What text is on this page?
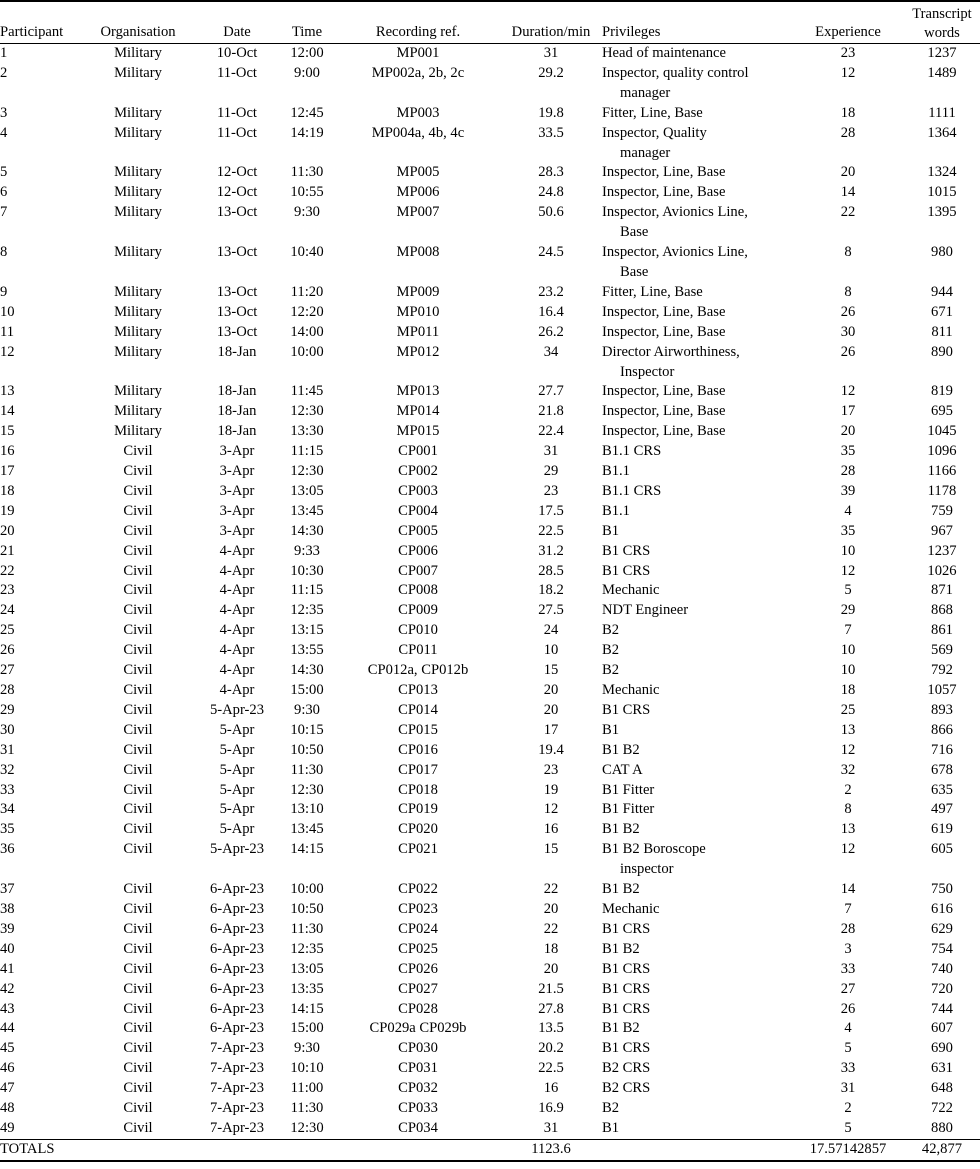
Participant	Organisation	Date	Time	Recording ref.	Duration/min	Privileges	Experience	Transcript
words
1	Military	10-Oct	12:00	MP001	31	Head of maintenance	23	1237
2	Military	11-Oct	9:00	MP002a, 2b, 2c	29.2	Inspector, quality control
manager	12	1489
3	Military	11-Oct	12:45	MP003	19.8	Fitter, Line, Base	18	1111
4	Military	11-Oct	14:19	MP004a, 4b, 4c	33.5	Inspector, Quality
manager	28	1364
5	Military	12-Oct	11:30	MP005	28.3	Inspector, Line, Base	20	1324
6	Military	12-Oct	10:55	MP006	24.8	Inspector, Line, Base	14	1015
7	Military	13-Oct	9:30	MP007	50.6	Inspector, Avionics Line,
Base	22	1395
8	Military	13-Oct	10:40	MP008	24.5	Inspector, Avionics Line,
Base	8	980
9	Military	13-Oct	11:20	MP009	23.2	Fitter, Line, Base	8	944
10	Military	13-Oct	12:20	MP010	16.4	Inspector, Line, Base	26	671
11	Military	13-Oct	14:00	MP011	26.2	Inspector, Line, Base	30	811
12	Military	18-Jan	10:00	MP012	34	Director Airworthiness,
Inspector	26	890
13	Military	18-Jan	11:45	MP013	27.7	Inspector, Line, Base	12	819
14	Military	18-Jan	12:30	MP014	21.8	Inspector, Line, Base	17	695
15	Military	18-Jan	13:30	MP015	22.4	Inspector, Line, Base	20	1045
16	Civil	3-Apr	11:15	CP001	31	B1.1 CRS	35	1096
17	Civil	3-Apr	12:30	CP002	29	B1.1	28	1166
18	Civil	3-Apr	13:05	CP003	23	B1.1 CRS	39	1178
19	Civil	3-Apr	13:45	CP004	17.5	B1.1	4	759
20	Civil	3-Apr	14:30	CP005	22.5	B1	35	967
21	Civil	4-Apr	9:33	CP006	31.2	B1 CRS	10	1237
22	Civil	4-Apr	10:30	CP007	28.5	B1 CRS	12	1026
23	Civil	4-Apr	11:15	CP008	18.2	Mechanic	5	871
24	Civil	4-Apr	12:35	CP009	27.5	NDT Engineer	29	868
25	Civil	4-Apr	13:15	CP010	24	B2	7	861
26	Civil	4-Apr	13:55	CP011	10	B2	10	569
27	Civil	4-Apr	14:30	CP012a, CP012b	15	B2	10	792
28	Civil	4-Apr	15:00	CP013	20	Mechanic	18	1057
29	Civil	5-Apr-23	9:30	CP014	20	B1 CRS	25	893
30	Civil	5-Apr	10:15	CP015	17	B1	13	866
31	Civil	5-Apr	10:50	CP016	19.4	B1 B2	12	716
32	Civil	5-Apr	11:30	CP017	23	CAT A	32	678
33	Civil	5-Apr	12:30	CP018	19	B1 Fitter	2	635
34	Civil	5-Apr	13:10	CP019	12	B1 Fitter	8	497
35	Civil	5-Apr	13:45	CP020	16	B1 B2	13	619
36	Civil	5-Apr-23	14:15	CP021	15	B1 B2 Boroscope
inspector	12	605
37	Civil	6-Apr-23	10:00	CP022	22	B1 B2	14	750
38	Civil	6-Apr-23	10:50	CP023	20	Mechanic	7	616
39	Civil	6-Apr-23	11:30	CP024	22	B1 CRS	28	629
40	Civil	6-Apr-23	12:35	CP025	18	B1 B2	3	754
41	Civil	6-Apr-23	13:05	CP026	20	B1 CRS	33	740
42	Civil	6-Apr-23	13:35	CP027	21.5	B1 CRS	27	720
43	Civil	6-Apr-23	14:15	CP028	27.8	B1 CRS	26	744
44	Civil	6-Apr-23	15:00	CP029a CP029b	13.5	B1 B2	4	607
45	Civil	7-Apr-23	9:30	CP030	20.2	B1 CRS	5	690
46	Civil	7-Apr-23	10:10	CP031	22.5	B2 CRS	33	631
47	Civil	7-Apr-23	11:00	CP032	16	B2 CRS	31	648
48	Civil	7-Apr-23	11:30	CP033	16.9	B2	2	722
49	Civil	7-Apr-23	12:30	CP034	31	B1	5	880
TOTALS					1123.6		17.57142857	42,877
